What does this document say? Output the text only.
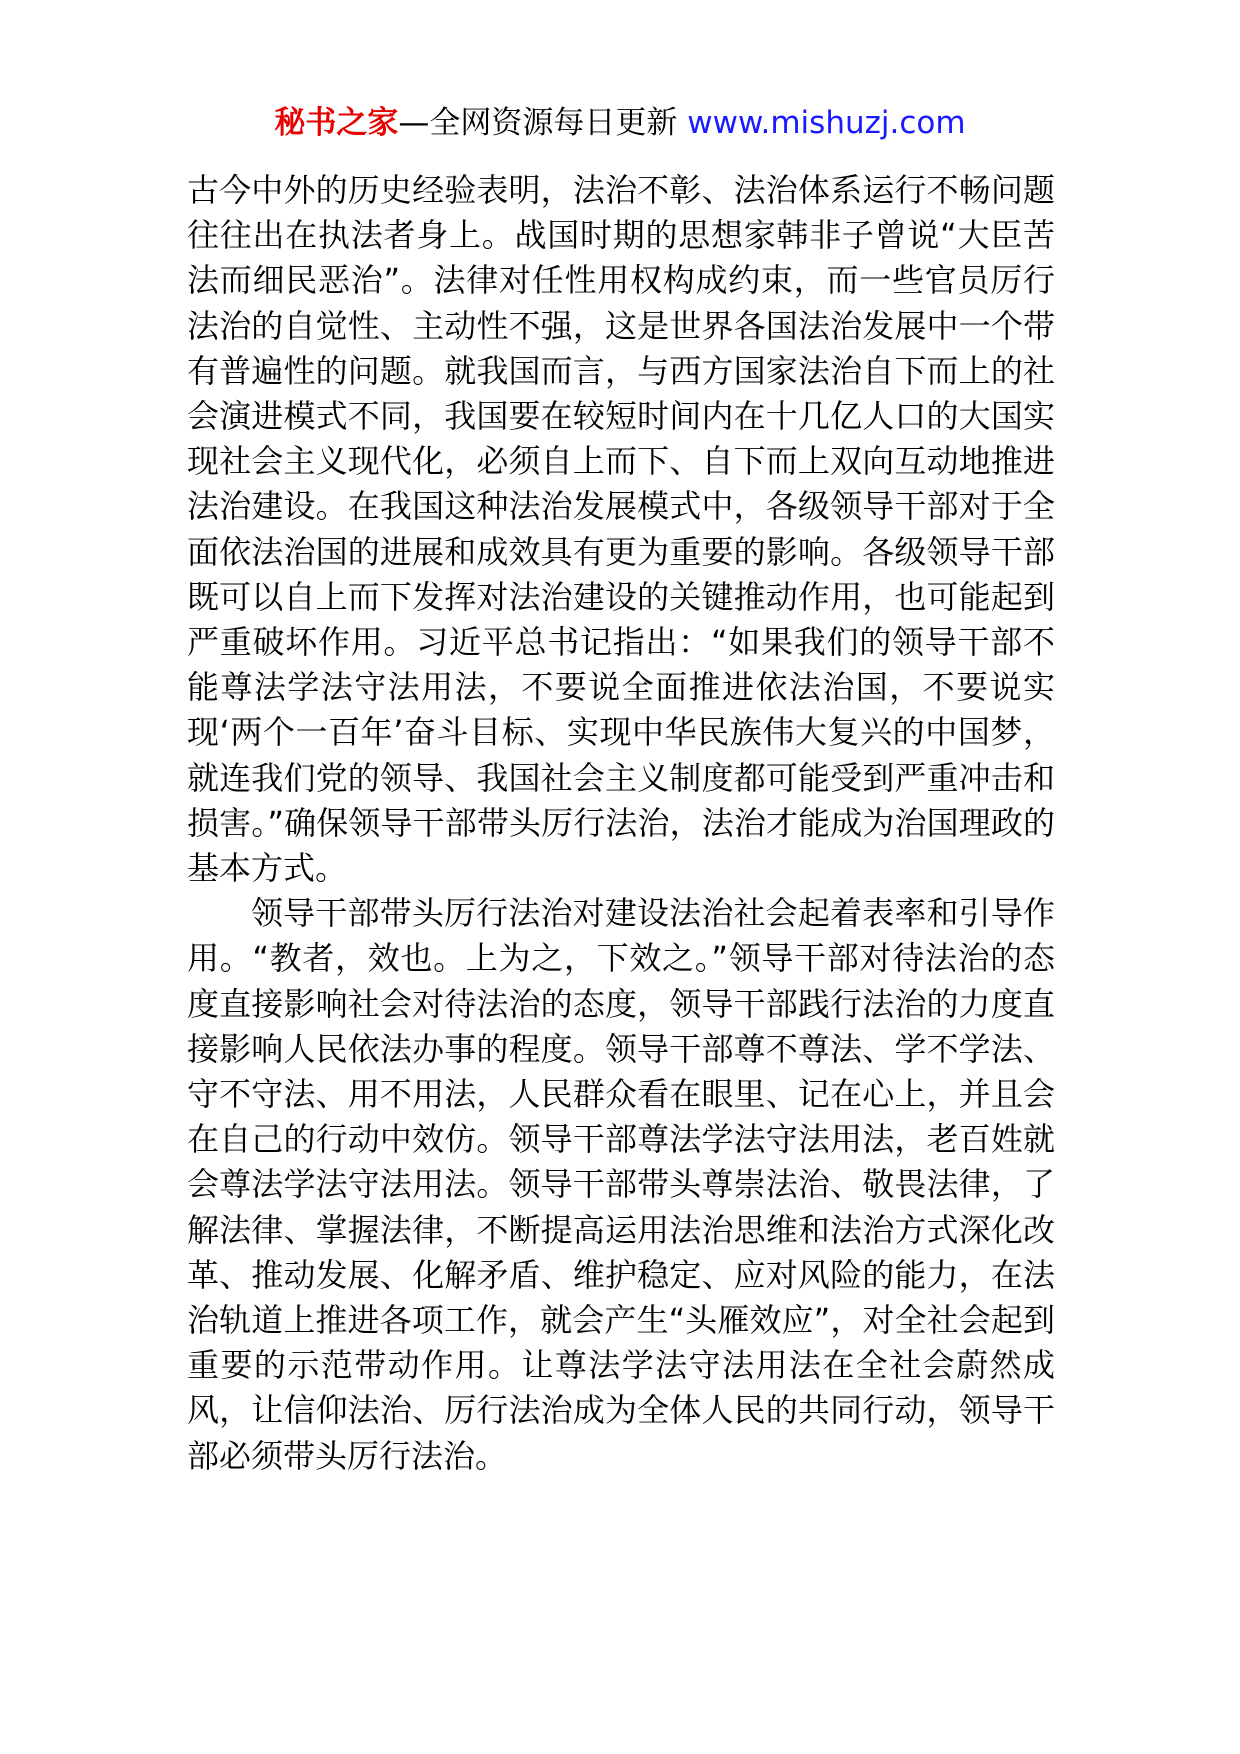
秘书之家—全网资源每日更新 www.mishuzj.com

古今中外的历史经验表明，法治不彰、法治体系运行不畅问题往往出在执法者身上。战国时期的思想家韩非子曾说“大臣苦法而细民恶治”。法律对任性用权构成约束，而一些官员厉行法治的自觉性、主动性不强，这是世界各国法治发展中一个带有普遍性的问题。就我国而言，与西方国家法治自下而上的社会演进模式不同，我国要在较短时间内在十几亿人口的大国实现社会主义现代化，必须自上而下、自下而上双向互动地推进法治建设。在我国这种法治发展模式中，各级领导干部对于全面依法治国的进展和成效具有更为重要的影响。各级领导干部既可以自上而下发挥对法治建设的关键推动作用，也可能起到严重破坏作用。习近平总书记指出：“如果我们的领导干部不能尊法学法守法用法，不要说全面推进依法治国，不要说实现‘两个一百年’奋斗目标、实现中华民族伟大复兴的中国梦，就连我们党的领导、我国社会主义制度都可能受到严重冲击和损害。”确保领导干部带头厉行法治，法治才能成为治国理政的基本方式。

领导干部带头厉行法治对建设法治社会起着表率和引导作用。“教者，效也。上为之，下效之。”领导干部对待法治的态度直接影响社会对待法治的态度，领导干部践行法治的力度直接影响人民依法办事的程度。领导干部尊不尊法、学不学法、守不守法、用不用法，人民群众看在眼里、记在心上，并且会在自己的行动中效仿。领导干部尊法学法守法用法，老百姓就会尊法学法守法用法。领导干部带头尊崇法治、敬畏法律，了解法律、掌握法律，不断提高运用法治思维和法治方式深化改革、推动发展、化解矛盾、维护稳定、应对风险的能力，在法治轨道上推进各项工作，就会产生“头雁效应”，对全社会起到重要的示范带动作用。让尊法学法守法用法在全社会蔚然成风，让信仰法治、厉行法治成为全体人民的共同行动，领导干部必须带头厉行法治。
